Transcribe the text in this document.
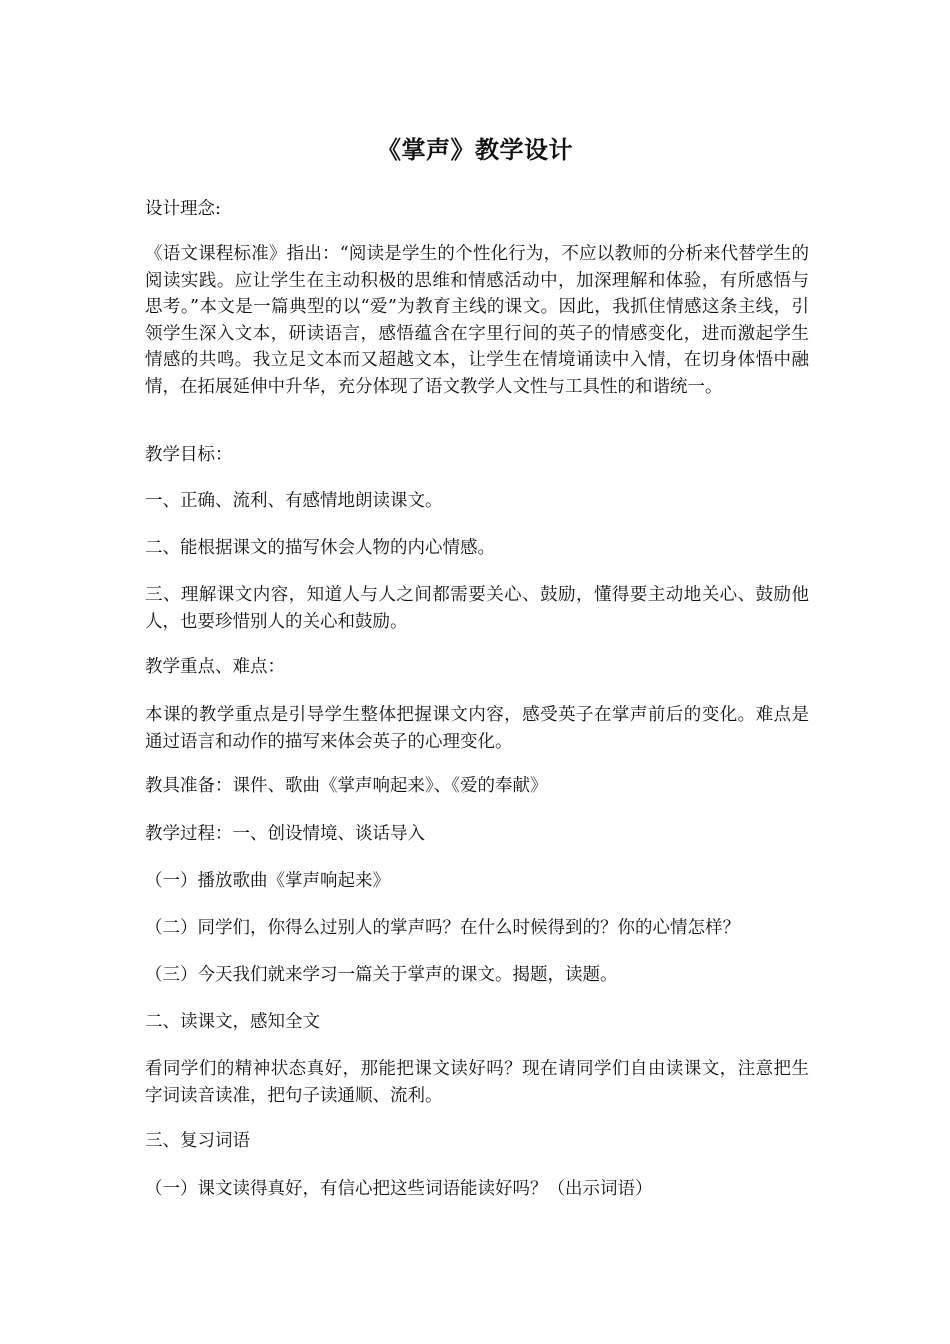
《掌声》教学设计

设计理念:

《语文课程标准》指出：“阅读是学生的个性化行为，不应以教师的分析来代替学生的阅读实践。应让学生在主动积极的思维和情感活动中，加深理解和体验，有所感悟与思考。”本文是一篇典型的以“爱”为教育主线的课文。因此，我抓住情感这条主线，引领学生深入文本，研读语言，感悟蕴含在字里行间的英子的情感变化，进而激起学生情感的共鸣。我立足文本而又超越文本，让学生在情境诵读中入情，在切身体悟中融情，在拓展延伸中升华，充分体现了语文教学人文性与工具性的和谐统一。

教学目标：

一、正确、流利、有感情地朗读课文。

二、能根据课文的描写休会人物的内心情感。

三、理解课文内容，知道人与人之间都需要关心、鼓励，懂得要主动地关心、鼓励他人，也要珍惜别人的关心和鼓励。

教学重点、难点：

本课的教学重点是引导学生整体把握课文内容，感受英子在掌声前后的变化。难点是通过语言和动作的描写来体会英子的心理变化。

教具准备：课件、歌曲《掌声响起来》、《爱的奉献》

教学过程：一、创设情境、谈话导入

（一）播放歌曲《掌声响起来》

（二）同学们，你得么过别人的掌声吗？在什么时候得到的？你的心情怎样？

（三）今天我们就来学习一篇关于掌声的课文。揭题，读题。

二、读课文，感知全文

看同学们的精神状态真好，那能把课文读好吗？现在请同学们自由读课文，注意把生字词读音读准，把句子读通顺、流利。

三、复习词语

（一）课文读得真好，有信心把这些词语能读好吗？（出示词语）
